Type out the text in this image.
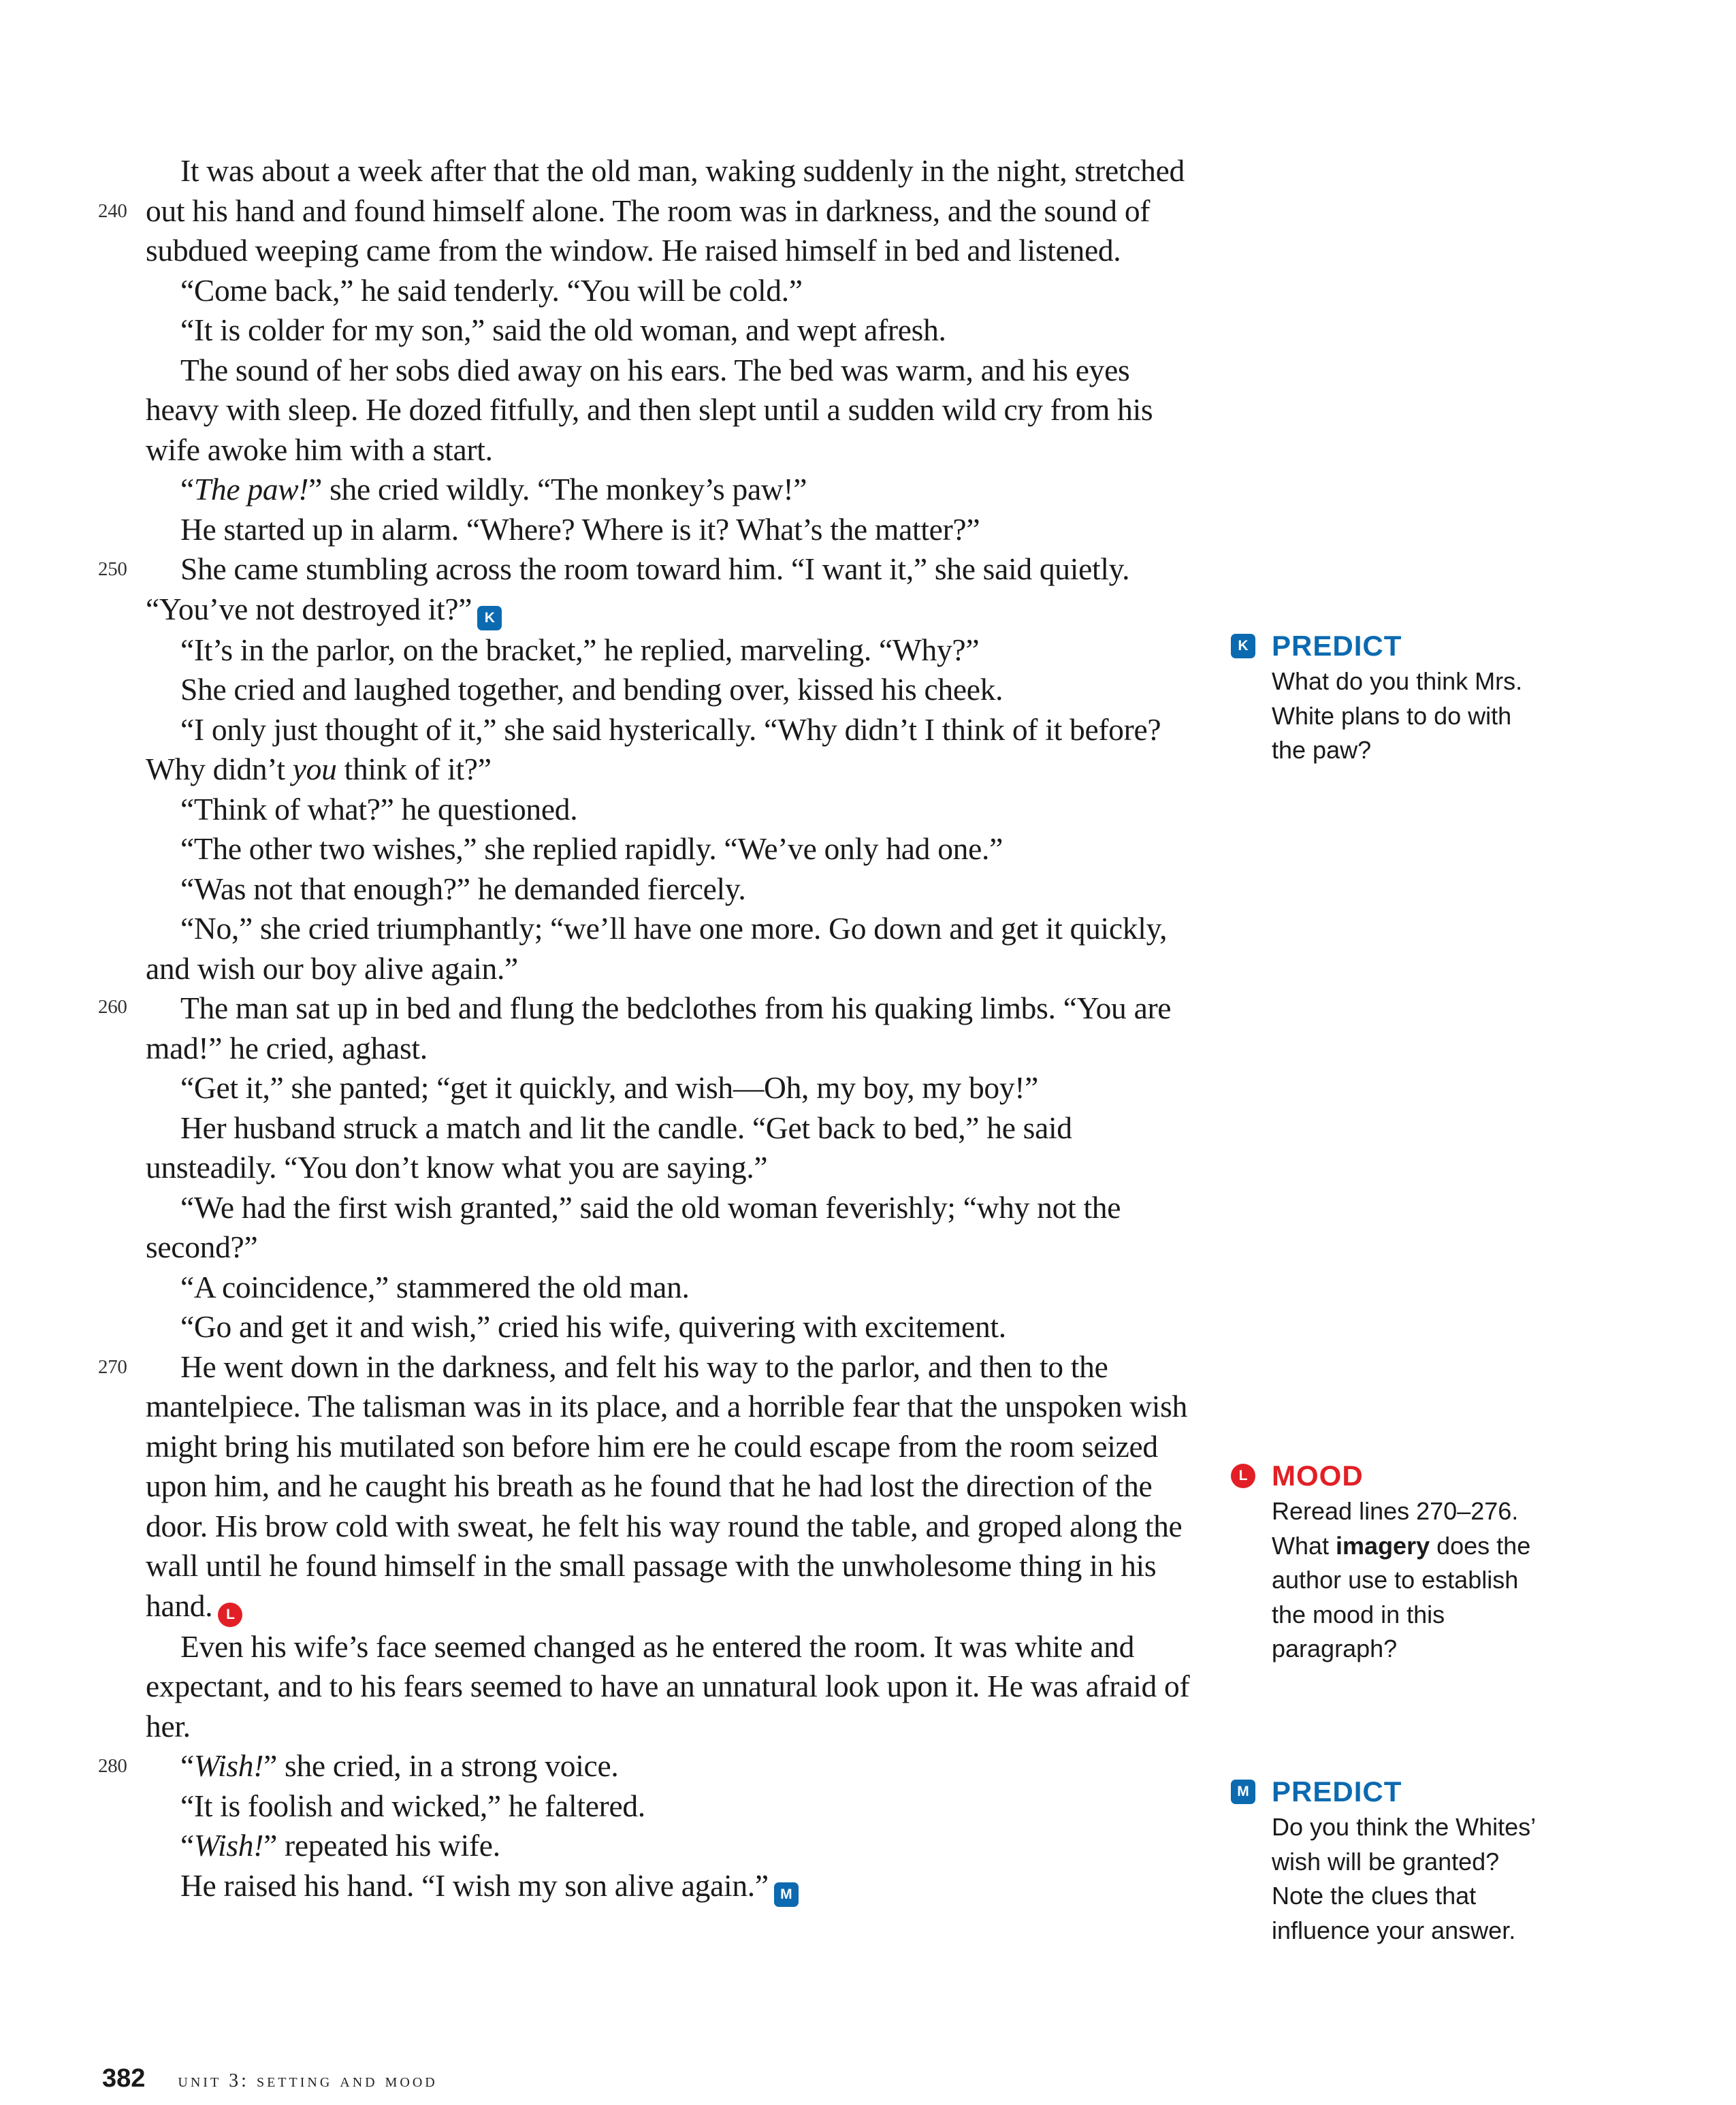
240
260

It was about a week after that the old man, waking suddenly in the night, stretched out his hand and found himself alone. The room was in darkness, and the sound of subdued weeping came from the window. He raised himself in bed and listened.

“Come back,” he said tenderly. “You will be cold.”

“It is colder for my son,” said the old woman, and wept afresh.

The sound of her sobs died away on his ears. The bed was warm, and his eyes heavy with sleep. He dozed fitfully, and then slept until a sudden wild cry from his wife awoke him with a start.

“The paw!” she cried wildly. “The monkey’s paw!”

He started up in alarm. “Where? Where is it? What’s the matter?”

250 She came stumbling across the room toward him. “I want it,” she said quietly. “You’ve not destroyed it?” K

“It’s in the parlor, on the bracket,” he replied, marveling. “Why?”

She cried and laughed together, and bending over, kissed his cheek.

“I only just thought of it,” she said hysterically. “Why didn’t I think of it before? Why didn’t you think of it?”

“Think of what?” he questioned.

“The other two wishes,” she replied rapidly. “We’ve only had one.”

“Was not that enough?” he demanded fiercely.

“No,” she cried triumphantly; “we’ll have one more. Go down and get it quickly, and wish our boy alive again.”

The man sat up in bed and flung the bedclothes from his quaking limbs. “You are mad!” he cried, aghast.

“Get it,” she panted; “get it quickly, and wish—Oh, my boy, my boy!”

Her husband struck a match and lit the candle. “Get back to bed,” he said unsteadily. “You don’t know what you are saying.”

“We had the first wish granted,” said the old woman feverishly; “why not the second?”

“A coincidence,” stammered the old man.

“Go and get it and wish,” cried his wife, quivering with excitement.

270 He went down in the darkness, and felt his way to the parlor, and then to the mantelpiece. The talisman was in its place, and a horrible fear that the unspoken wish might bring his mutilated son before him ere he could escape from the room seized upon him, and he caught his breath as he found that he had lost the direction of the door. His brow cold with sweat, he felt his way round the table, and groped along the wall until he found himself in the small passage with the unwholesome thing in his hand. L

Even his wife’s face seemed changed as he entered the room. It was white and expectant, and to his fears seemed to have an unnatural look upon it. He was afraid of her.

280 “Wish!” she cried, in a strong voice.

“It is foolish and wicked,” he faltered.

“Wish!” repeated his wife.

He raised his hand. “I wish my son alive again.” M

K PREDICT
What do you think Mrs. White plans to do with the paw?
L MOOD
Reread lines 270–276. What imagery does the author use to establish the mood in this paragraph?
M PREDICT
Do you think the Whites’ wish will be granted? Note the clues that influence your answer.
382 unit 3: setting and mood
